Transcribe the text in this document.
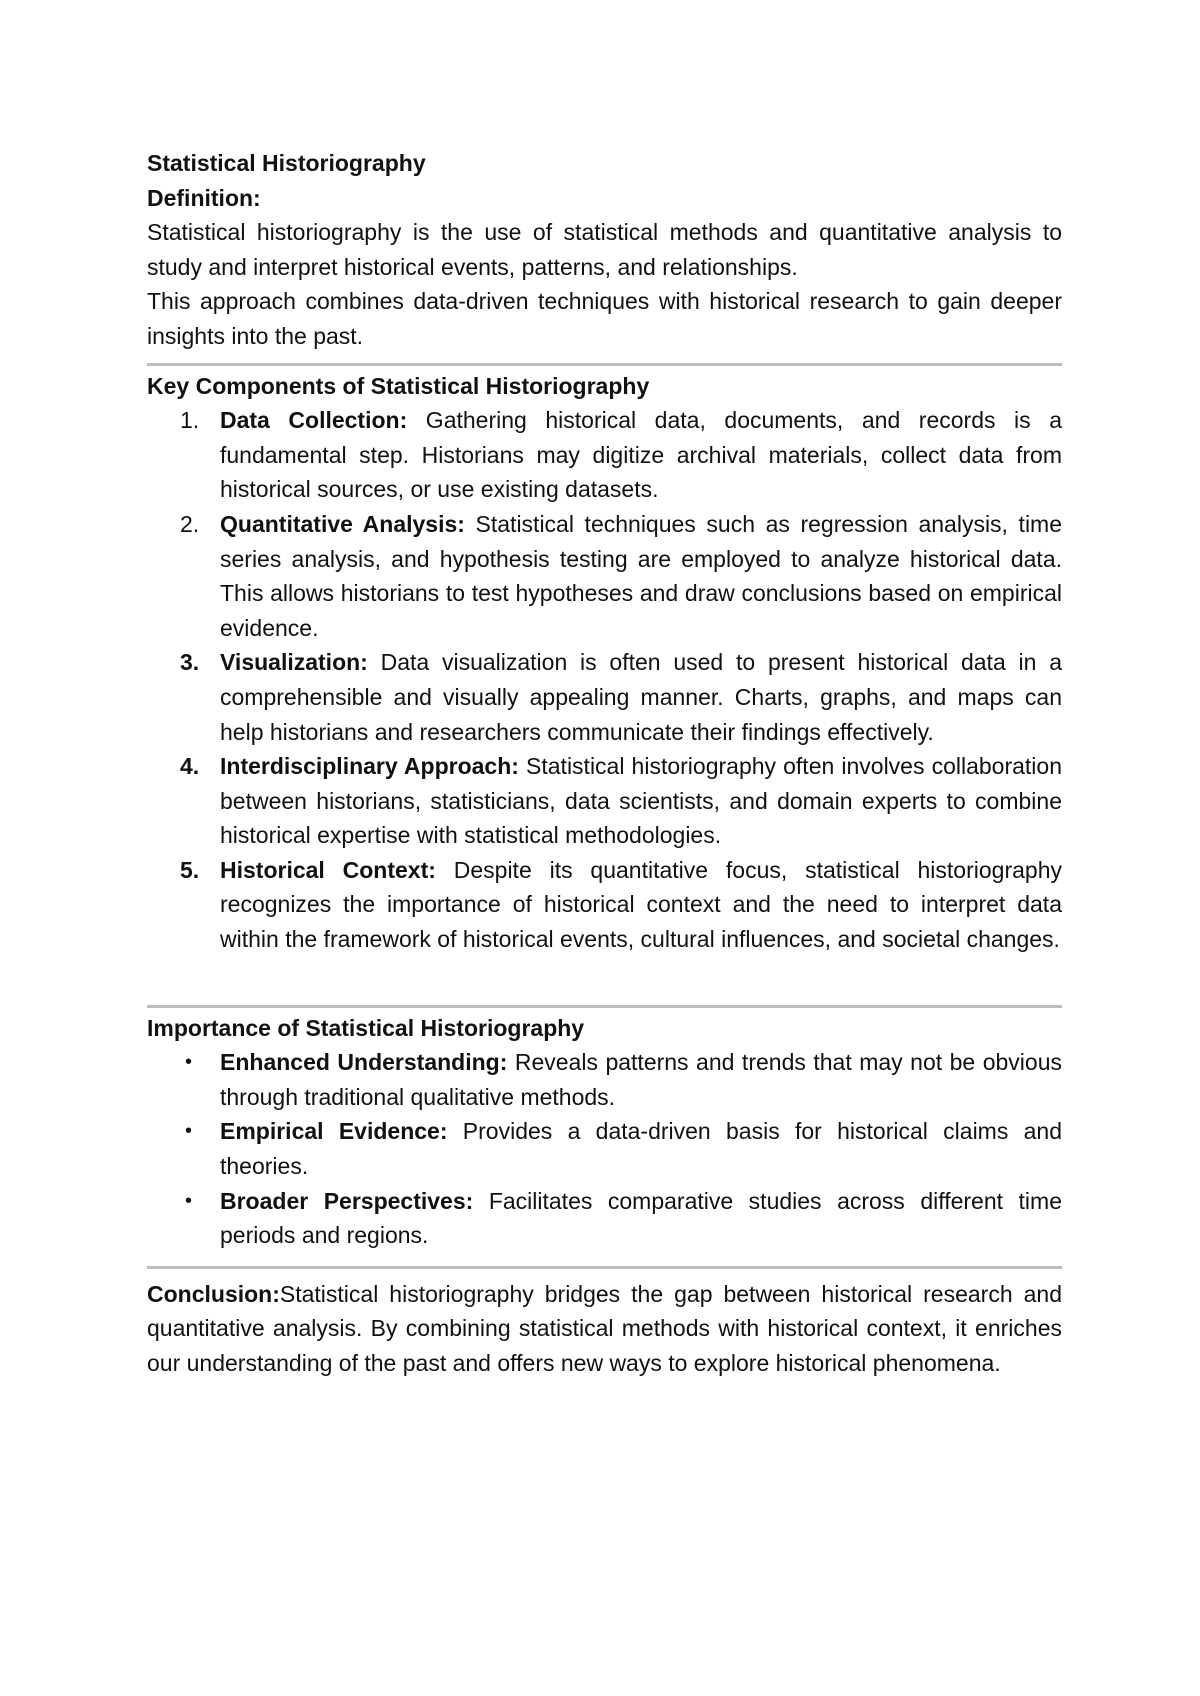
Statistical Historiography

Definition:

Statistical historiography is the use of statistical methods and quantitative analysis to study and interpret historical events, patterns, and relationships.

This approach combines data-driven techniques with historical research to gain deeper insights into the past.

Key Components of Statistical Historiography

1. Data Collection: Gathering historical data, documents, and records is a fundamental step. Historians may digitize archival materials, collect data from historical sources, or use existing datasets.
2. Quantitative Analysis: Statistical techniques such as regression analysis, time series analysis, and hypothesis testing are employed to analyze historical data. This allows historians to test hypotheses and draw conclusions based on empirical evidence.
3. Visualization: Data visualization is often used to present historical data in a comprehensible and visually appealing manner. Charts, graphs, and maps can help historians and researchers communicate their findings effectively.
4. Interdisciplinary Approach: Statistical historiography often involves collaboration between historians, statisticians, data scientists, and domain experts to combine historical expertise with statistical methodologies.
5. Historical Context: Despite its quantitative focus, statistical historiography recognizes the importance of historical context and the need to interpret data within the framework of historical events, cultural influences, and societal changes.

Importance of Statistical Historiography

• Enhanced Understanding: Reveals patterns and trends that may not be obvious through traditional qualitative methods.
• Empirical Evidence: Provides a data-driven basis for historical claims and theories.
• Broader Perspectives: Facilitates comparative studies across different time periods and regions.

Conclusion:Statistical historiography bridges the gap between historical research and quantitative analysis. By combining statistical methods with historical context, it enriches our understanding of the past and offers new ways to explore historical phenomena.
